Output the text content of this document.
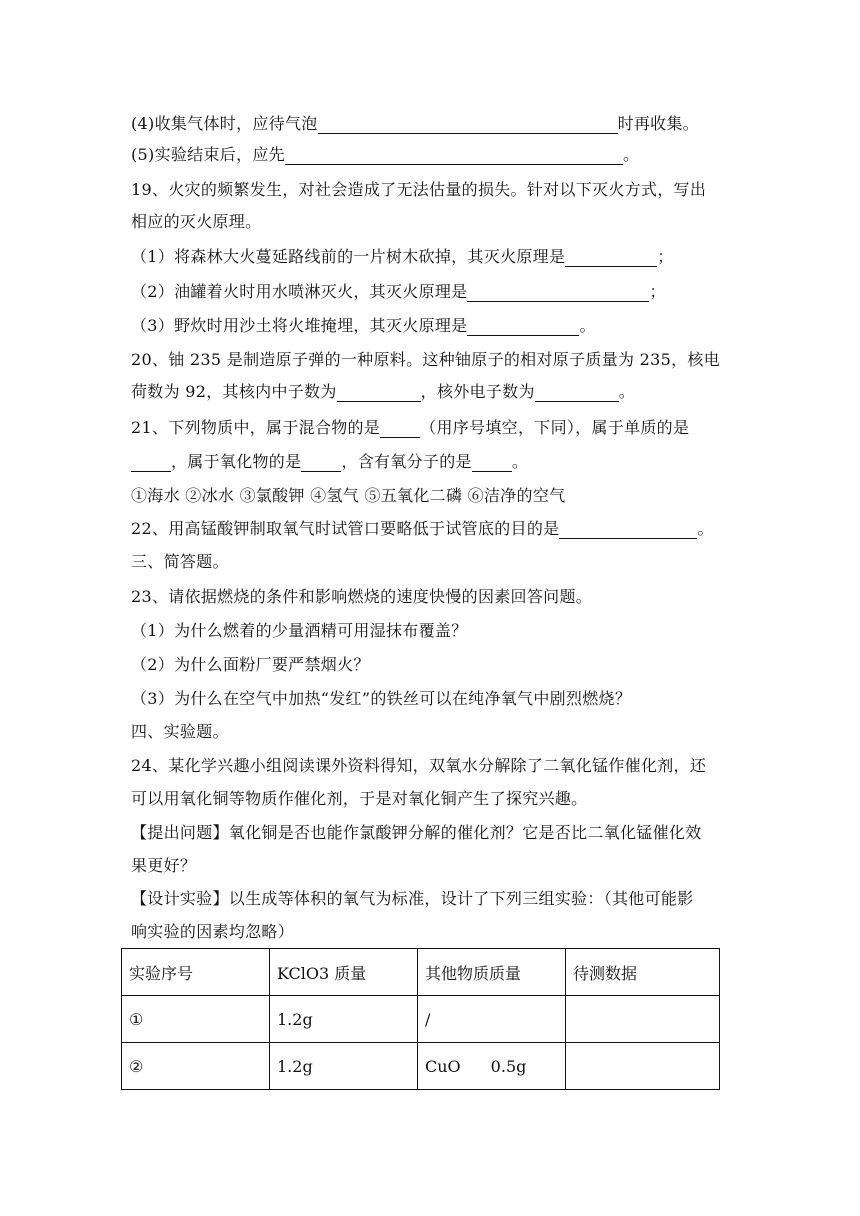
(4)收集气体时，应待气泡	时再收集。
(5)实验结束后，应先	。
19、火灾的频繁发生，对社会造成了无法估量的损失。针对以下灭火方式，写出
相应的灭火原理。
（1）将森林大火蔓延路线前的一片树木砍掉，其灭火原理是	；
（2）油罐着火时用水喷淋灭火，其灭火原理是	；
（3）野炊时用沙土将火堆掩埋，其灭火原理是	。
20、铀 235 是制造原子弹的一种原料。这种铀原子的相对原子质量为 235，核电
荷数为 92，其核内中子数为	，核外电子数为	。
21、下列物质中，属于混合物的是	（用序号填空，下同），属于单质的是
，属于氧化物的是	，含有氧分子的是	。
①海水 ②冰水 ③氯酸钾 ④氢气 ⑤五氧化二磷 ⑥洁净的空气
22、用高锰酸钾制取氧气时试管口要略低于试管底的目的是	。
三、简答题。
23、请依据燃烧的条件和影响燃烧的速度快慢的因素回答问题。
（1）为什么燃着的少量酒精可用湿抹布覆盖？
（2）为什么面粉厂要严禁烟火？
（3）为什么在空气中加热“发红”的铁丝可以在纯净氧气中剧烈燃烧？
四、实验题。
24、某化学兴趣小组阅读课外资料得知，双氧水分解除了二氧化锰作催化剂，还
可以用氧化铜等物质作催化剂，于是对氧化铜产生了探究兴趣。
【提出问题】氧化铜是否也能作氯酸钾分解的催化剂？它是否比二氧化锰催化效
果更好？
【设计实验】以生成等体积的氧气为标准，设计了下列三组实验：（其他可能影
响实验的因素均忽略）
实验序号	KClO3 质量	其他物质质量	待测数据
①	1.2g	/	
②	1.2g	CuO 0.5g	
